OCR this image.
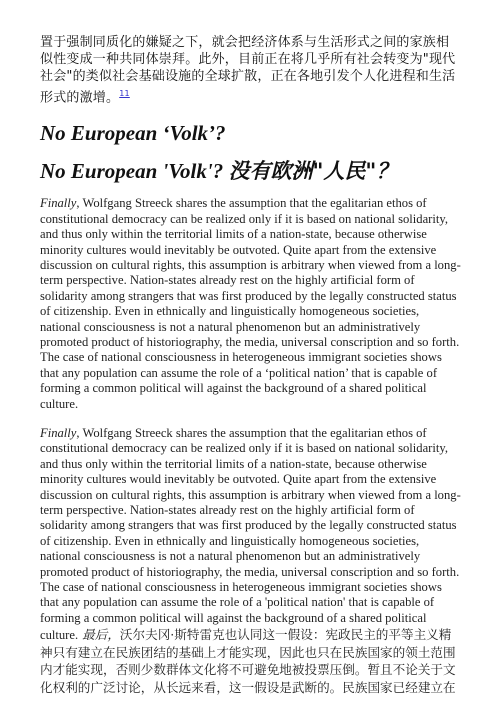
置于强制同质化的嫌疑之下，就会把经济体系与生活形式之间的家族相似性变成一种共同体崇拜。此外，目前正在将几乎所有社会转变为"现代社会"的类似社会基础设施的全球扩散，正在各地引发个人化进程和生活形式的激增。$^{11}$

No European ‘Volk’?
No European 'Volk'? 没有欧洲"人民"？

Finally, Wolfgang Streeck shares the assumption that the egalitarian ethos of constitutional democracy can be realized only if it is based on national solidarity, and thus only within the territorial limits of a nation-state, because otherwise minority cultures would inevitably be outvoted. Quite apart from the extensive discussion on cultural rights, this assumption is arbitrary when viewed from a long-term perspective. Nation-states already rest on the highly artificial form of solidarity among strangers that was first produced by the legally constructed status of citizenship. Even in ethnically and linguistically homogeneous societies, national consciousness is not a natural phenomenon but an administratively promoted product of historiography, the media, universal conscription and so forth. The case of national consciousness in heterogeneous immigrant societies shows that any population can assume the role of a ‘political nation’ that is capable of forming a common political will against the background of a shared political culture.

Finally, Wolfgang Streeck shares the assumption that the egalitarian ethos of constitutional democracy can be realized only if it is based on national solidarity, and thus only within the territorial limits of a nation-state, because otherwise minority cultures would inevitably be outvoted. Quite apart from the extensive discussion on cultural rights, this assumption is arbitrary when viewed from a long-term perspective. Nation-states already rest on the highly artificial form of solidarity among strangers that was first produced by the legally constructed status of citizenship. Even in ethnically and linguistically homogeneous societies, national consciousness is not a natural phenomenon but an administratively promoted product of historiography, the media, universal conscription and so forth. The case of national consciousness in heterogeneous immigrant societies shows that any population can assume the role of a 'political nation' that is capable of forming a common political will against the background of a shared political culture. 最后，沃尔夫冈·斯特雷克也认同这一假设：宪政民主的平等主义精神只有建立在民族团结的基础上才能实现，因此也只在民族国家的领土范围内才能实现，否则少数群体文化将不可避免地被投票压倒。暂且不论关于文化权利的广泛讨论，从长远来看，这一假设是武断的。民族国家已经建立在
